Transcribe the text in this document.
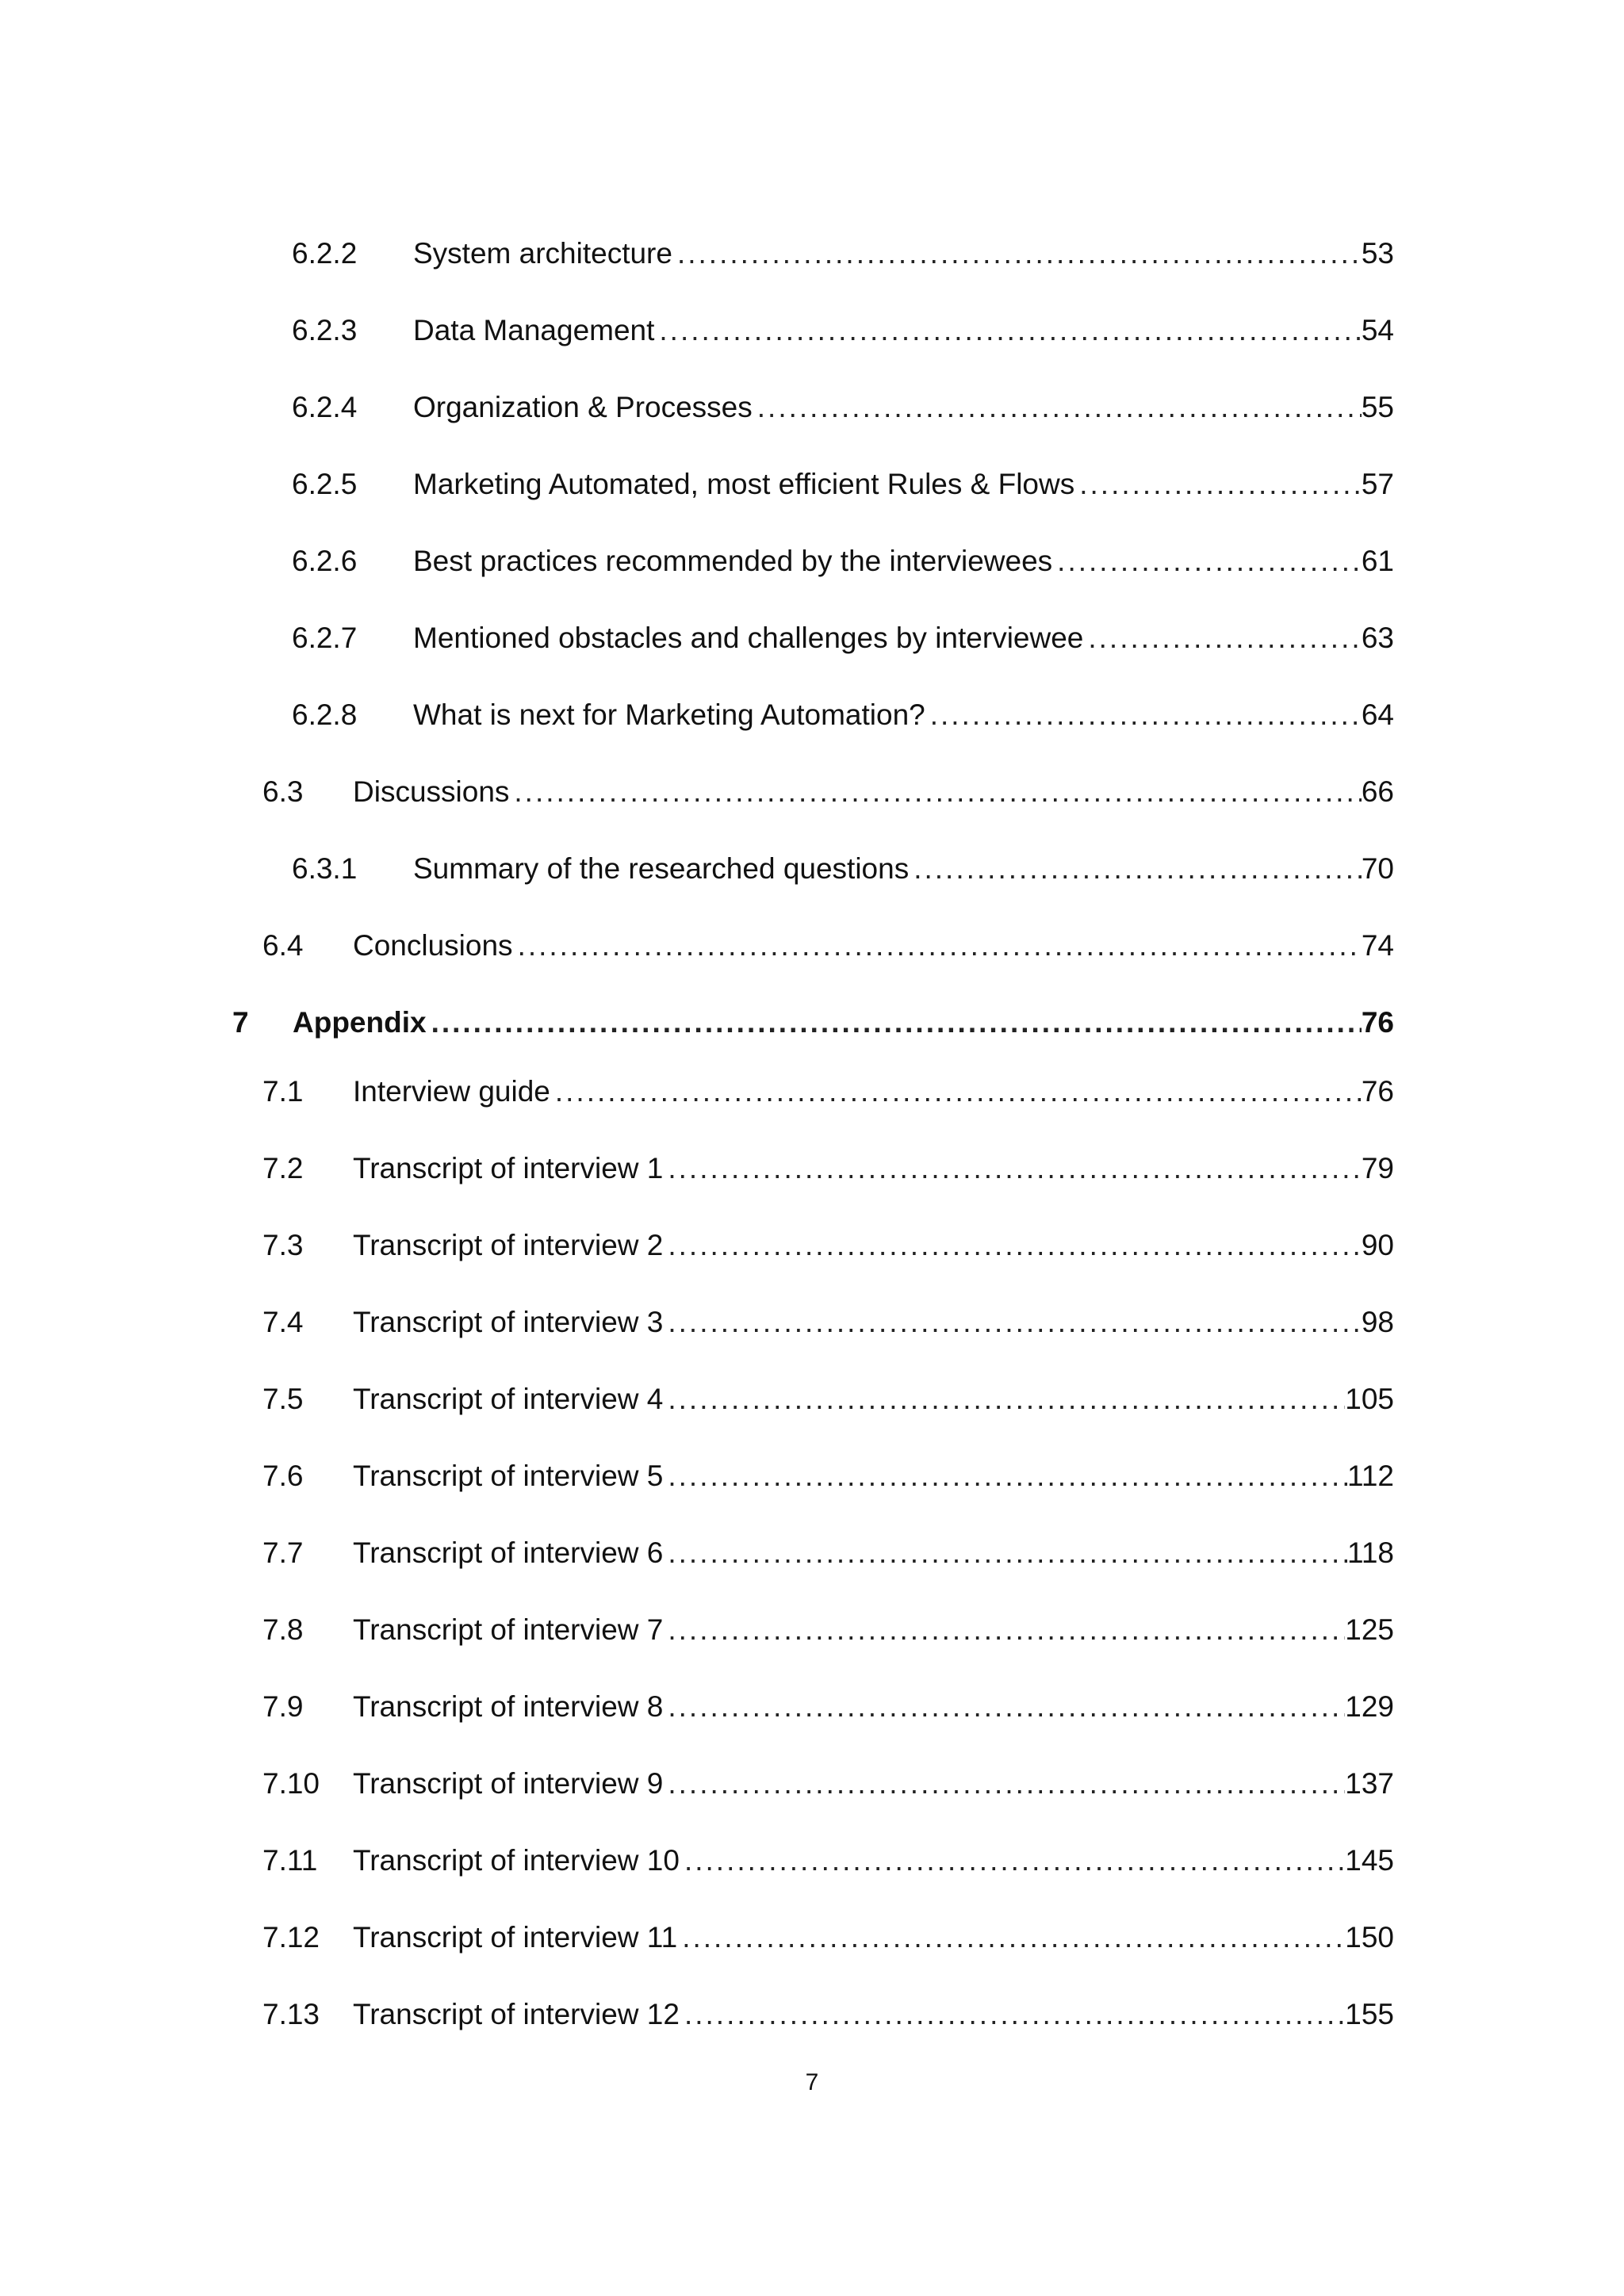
6.2.2 System architecture .....	53
6.2.3 Data Management .....	54
6.2.4 Organization & Processes .....	55
6.2.5 Marketing Automated, most efficient Rules & Flows .....	57
6.2.6 Best practices recommended by the interviewees .....	61
6.2.7 Mentioned obstacles and challenges by interviewee .....	63
6.2.8 What is next for Marketing Automation? .....	64
6.3 Discussions .....	66
6.3.1 Summary of the researched questions .....	70
6.4 Conclusions .....	74
7 Appendix .....	76
7.1 Interview guide .....	76
7.2 Transcript of interview 1 .....	79
7.3 Transcript of interview 2 .....	90
7.4 Transcript of interview 3 .....	98
7.5 Transcript of interview 4 .....	105
7.6 Transcript of interview 5 .....	112
7.7 Transcript of interview 6 .....	118
7.8 Transcript of interview 7 .....	125
7.9 Transcript of interview 8 .....	129
7.10 Transcript of interview 9 .....	137
7.11 Transcript of interview 10 .....	145
7.12 Transcript of interview 11 .....	150
7.13 Transcript of interview 12 .....	155
7
